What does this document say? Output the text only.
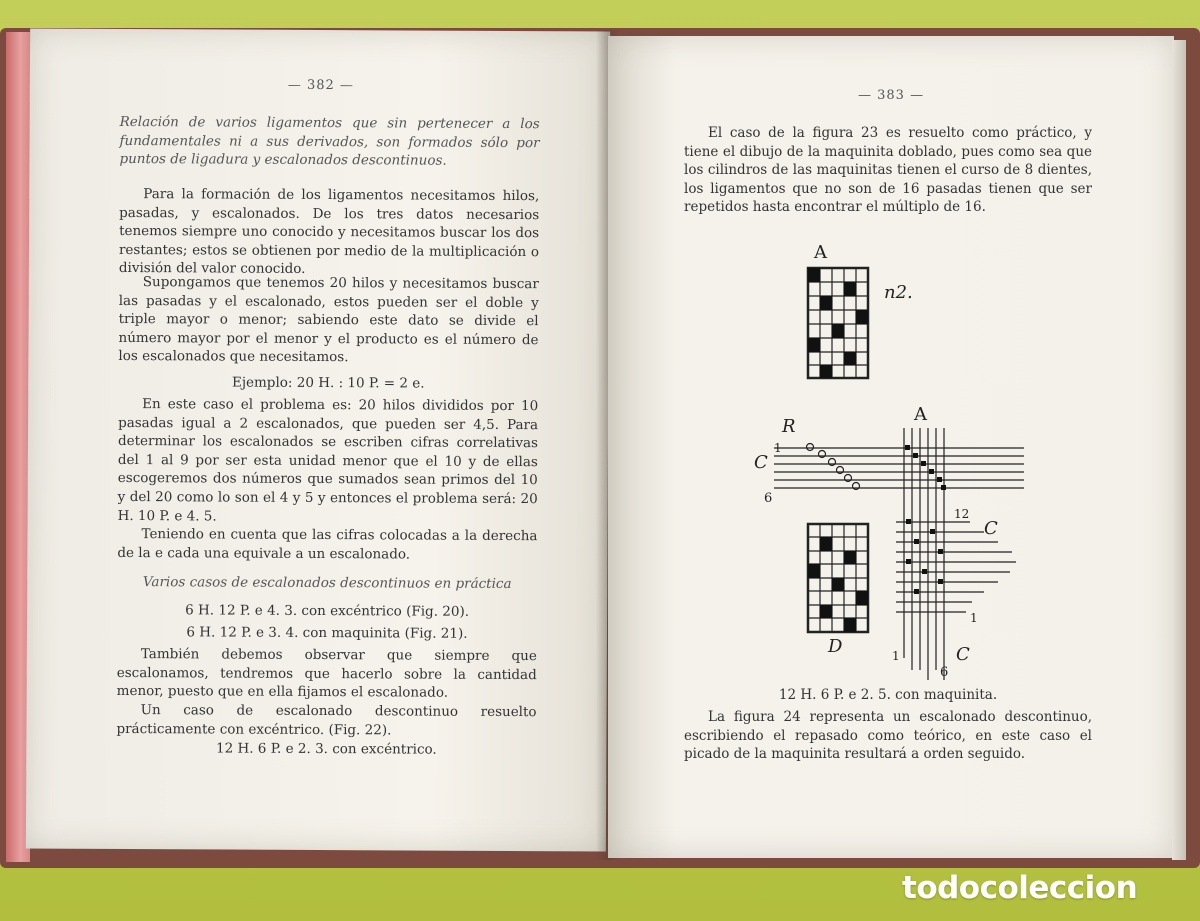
— 382 —
Relación de varios ligamentos que sin pertenecer a los fundamentales ni a sus derivados, son formados sólo por puntos de ligadura y escalonados descontinuos.
Para la formación de los ligamentos necesitamos hilos, pasadas, y escalonados. De los tres datos necesarios tenemos siempre uno conocido y necesitamos buscar los dos restantes; estos se obtienen por medio de la multiplicación o división del valor conocido.
Supongamos que tenemos 20 hilos y necesitamos buscar las pasadas y el escalonado, estos pueden ser el doble y triple mayor o menor; sabiendo este dato se divide el número mayor por el menor y el producto es el número de los escalonados que necesitamos.
Ejemplo: 20 H. : 10 P. = 2 e.
En este caso el problema es: 20 hilos divididos por 10 pasadas igual a 2 escalonados, que pueden ser 4,5. Para determinar los escalonados se escriben cifras correlativas del 1 al 9 por ser esta unidad menor que el 10 y de ellas escogeremos dos números que sumados sean primos del 10 y del 20 como lo son el 4 y 5 y entonces el problema será: 20 H. 10 P. e 4. 5.
Teniendo en cuenta que las cifras colocadas a la derecha de la e cada una equivale a un escalonado.
Varios casos de escalonados descontinuos en práctica
6 H. 12 P. e 4. 3. con excéntrico (Fig. 20).
6 H. 12 P. e 3. 4. con maquinita (Fig. 21).
También debemos observar que siempre que escalonamos, tendremos que hacerlo sobre la cantidad menor, puesto que en ella fijamos el escalonado.
Un caso de escalonado descontinuo resuelto prácticamente con excéntrico. (Fig. 22).
12 H. 6 P. e 2. 3. con excéntrico.
— 383 —
El caso de la figura 23 es resuelto como práctico, y tiene el dibujo de la maquinita doblado, pues como sea que los cilindros de las maquinitas tienen el curso de 8 dientes, los ligamentos que no son de 16 pasadas tienen que ser repetidos hasta encontrar el múltiplo de 16.
A
n2.
A
R
C
1
6
12
C
1
1	C
6
D
12 H. 6 P. e 2. 5. con maquinita.
La figura 24 representa un escalonado descontinuo, escribiendo el repasado como teórico, en este caso el picado de la maquinita resultará a orden seguido.
todocoleccion
